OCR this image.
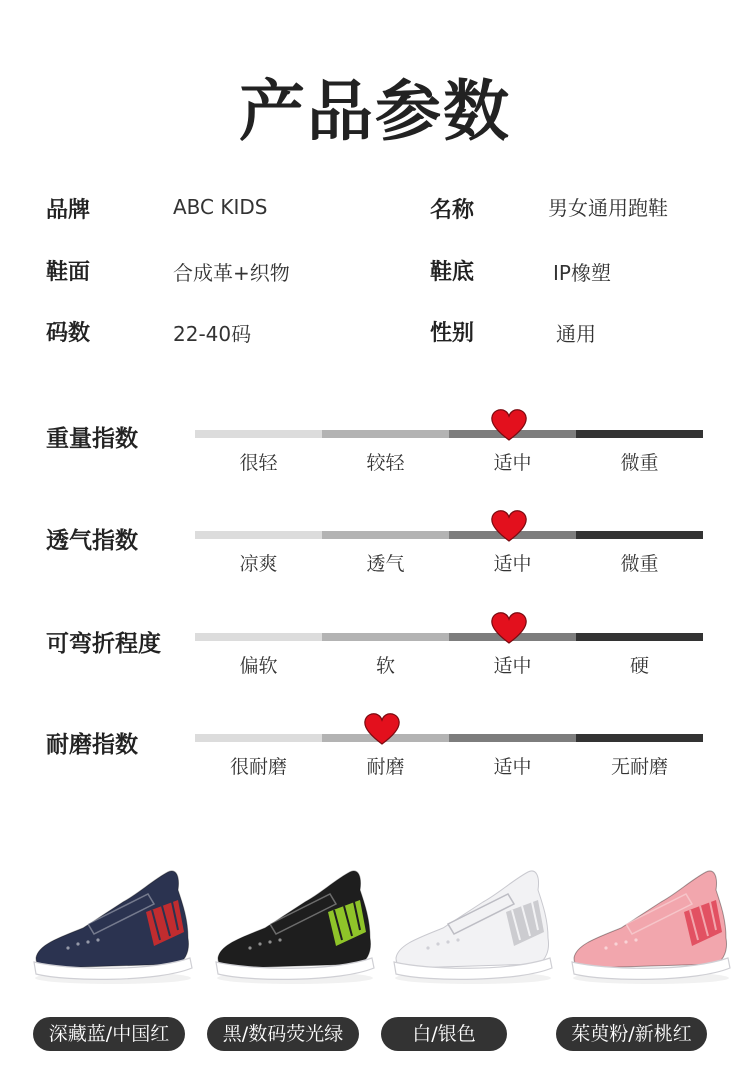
产品参数
品牌	ABC KIDS	名称	男女通用跑鞋
鞋面	合成革+织物	鞋底	IP橡塑
码数	22-40码	性别	通用
重量指数
很轻	较轻	适中	微重
透气指数
凉爽	透气	适中	微重
可弯折程度
偏软	软	适中	硬
耐磨指数
很耐磨	耐磨	适中	无耐磨
深藏蓝/中国红	黑/数码荧光绿	白/银色	茱萸粉/新桃红
